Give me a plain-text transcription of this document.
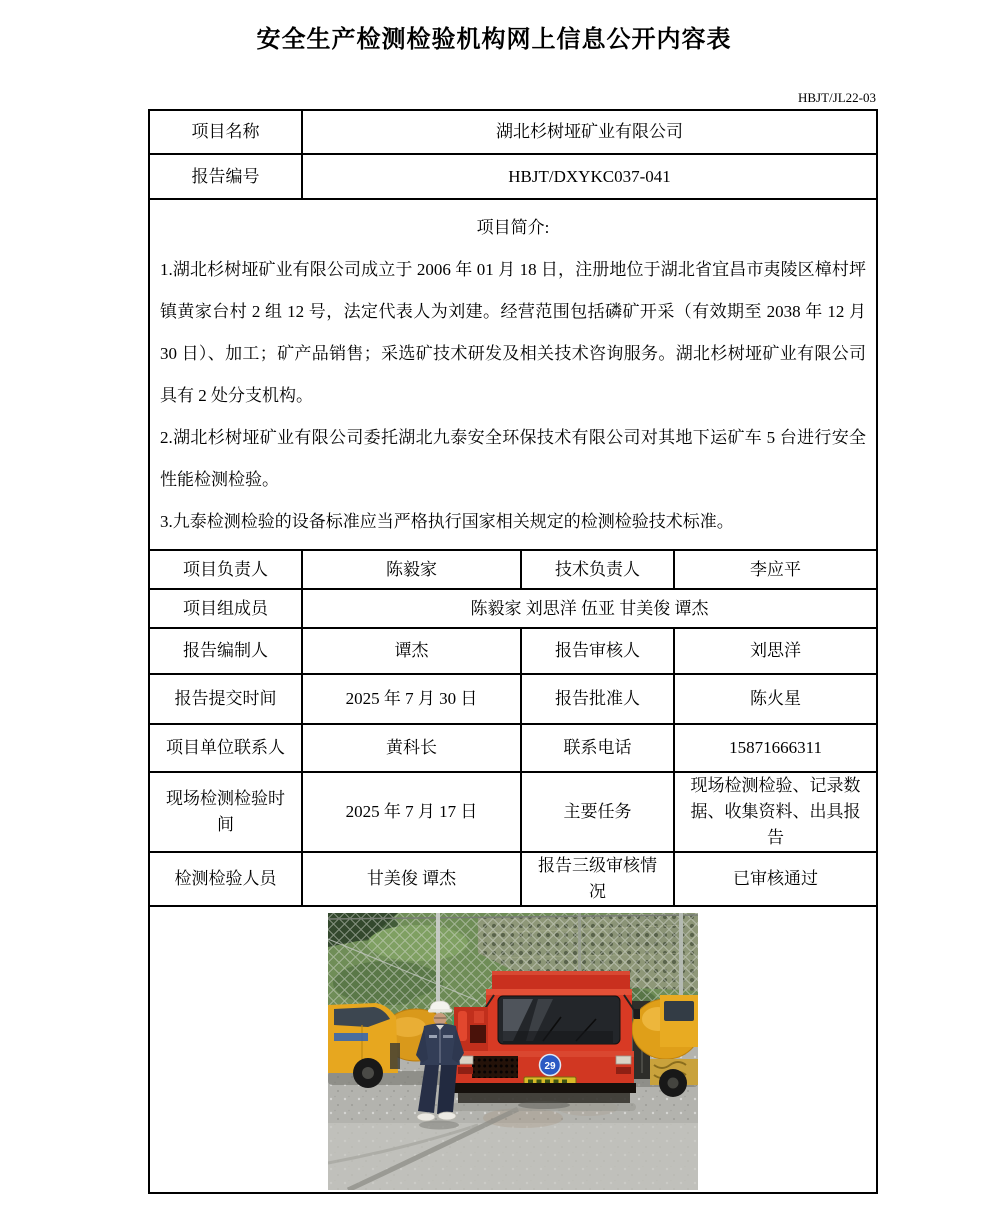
安全生产检测检验机构网上信息公开内容表
HBJT/JL22-03
项目名称	湖北杉树垭矿业有限公司		
报告编号	HBJT/DXYKC037-041		

项目简介:

1.湖北杉树垭矿业有限公司成立于 2006 年 01 月 18 日，注册地位于湖北省宜昌市夷陵区樟村坪镇黄家台村 2 组 12 号，法定代表人为刘建。经营范围包括磷矿开采（有效期至 2038 年 12 月 30 日）、加工；矿产品销售；采选矿技术研发及相关技术咨询服务。湖北杉树垭矿业有限公司具有 2 处分支机构。

2.湖北杉树垭矿业有限公司委托湖北九泰安全环保技术有限公司对其地下运矿车 5 台进行安全性能检测检验。

3.九泰检测检验的设备标准应当严格执行国家相关规定的检测检验技术标准。			

项目负责人	陈毅家	技术负责人	李应平
项目组成员	陈毅家 刘思洋 伍亚 甘美俊 谭杰		
报告编制人	谭杰	报告审核人	刘思洋
报告提交时间	2025 年 7 月 30 日	报告批准人	陈火星
项目单位联系人	黄科长	联系电话	15871666311
现场检测检验时间	2025 年 7 月 17 日	主要任务	现场检测检验、记录数据、收集资料、出具报告
检测检验人员	甘美俊 谭杰	报告三级审核情况	已审核通过

29			
